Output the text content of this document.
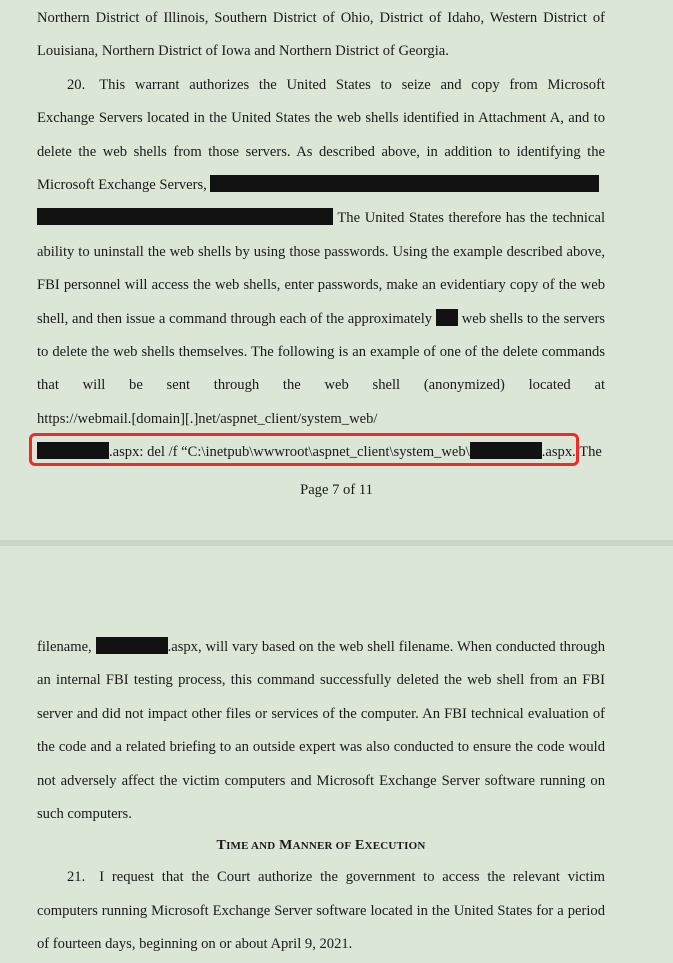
Northern District of Illinois, Southern District of Ohio, District of Idaho, Western District of
Louisiana, Northern District of Iowa and Northern District of Georgia.
20. This warrant authorizes the United States to seize and copy from Microsoft
Exchange Servers located in the United States the web shells identified in Attachment A, and to
delete the web shells from those servers. As described above, in addition to identifying the
Microsoft Exchange Servers,
The United States therefore has the technical
ability to uninstall the web shells by using those passwords. Using the example described above,
FBI personnel will access the web shells, enter passwords, make an evidentiary copy of the web
shell, and then issue a command through each of the approximately web shells to the servers
to delete the web shells themselves. The following is an example of one of the delete commands
that will be sent through the web shell (anonymized) located at
https://webmail.[domain][.]net/aspnet_client/system_web/
.aspx: del /f “C:\inetpub\wwwroot\aspnet_client\system_web\	.aspx. The
Page 7 of 11
filename,	.aspx, will vary based on the web shell filename. When conducted through
an internal FBI testing process, this command successfully deleted the web shell from an FBI
server and did not impact other files or services of the computer. An FBI technical evaluation of
the code and a related briefing to an outside expert was also conducted to ensure the code would
not adversely affect the victim computers and Microsoft Exchange Server software running on
such computers.
TIME AND MANNER OF EXECUTION
21. I request that the Court authorize the government to access the relevant victim
computers running Microsoft Exchange Server software located in the United States for a period
of fourteen days, beginning on or about April 9, 2021.
